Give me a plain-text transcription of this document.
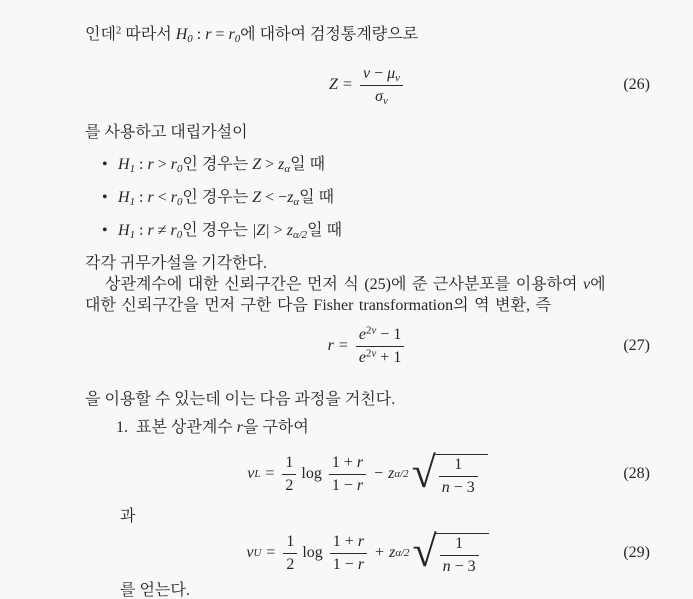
인데$^2$ 따라서 $H_0$ : $r = r_0$에 대하여 검정통계량으로
$Z = \frac{\nu - \mu_\nu}{\sigma_\nu}$	(26)
를 사용하고 대립가설이
• $H_1$ : $r > r_0$인 경우는 $Z > z_\alpha$일 때
• $H_1$ : $r < r_0$인 경우는 $Z < -z_\alpha$일 때
• $H_1$ : $r \ne r_0$인 경우는 $|Z| > z_{\alpha/2}$일 때
각각 귀무가설을 기각한다.
상관계수에 대한 신뢰구간은 먼저 식 (25)에 준 근사분포를 이용하여 ν에
대한 신뢰구간을 먼저 구한 다음 Fisher transformation의 역 변환, 즉
$r = \frac{e^{2\nu} - 1}{e^{2\nu} + 1}$	(27)
을 이용할 수 있는데 이는 다음 과정을 거친다.
1. 표본 상관계수 r을 구하여
ν $L = \frac{1}{2}$ $\log \frac{1 + r}{1 - r} - z$ α/2 √ $\frac{1}{n - 3}$	(28)
과
ν $U = \frac{1}{2}$ $\log \frac{1 + r}{1 - r} + z$ α/2 √ $\frac{1}{n - 3}$	(29)
를 얻는다.
